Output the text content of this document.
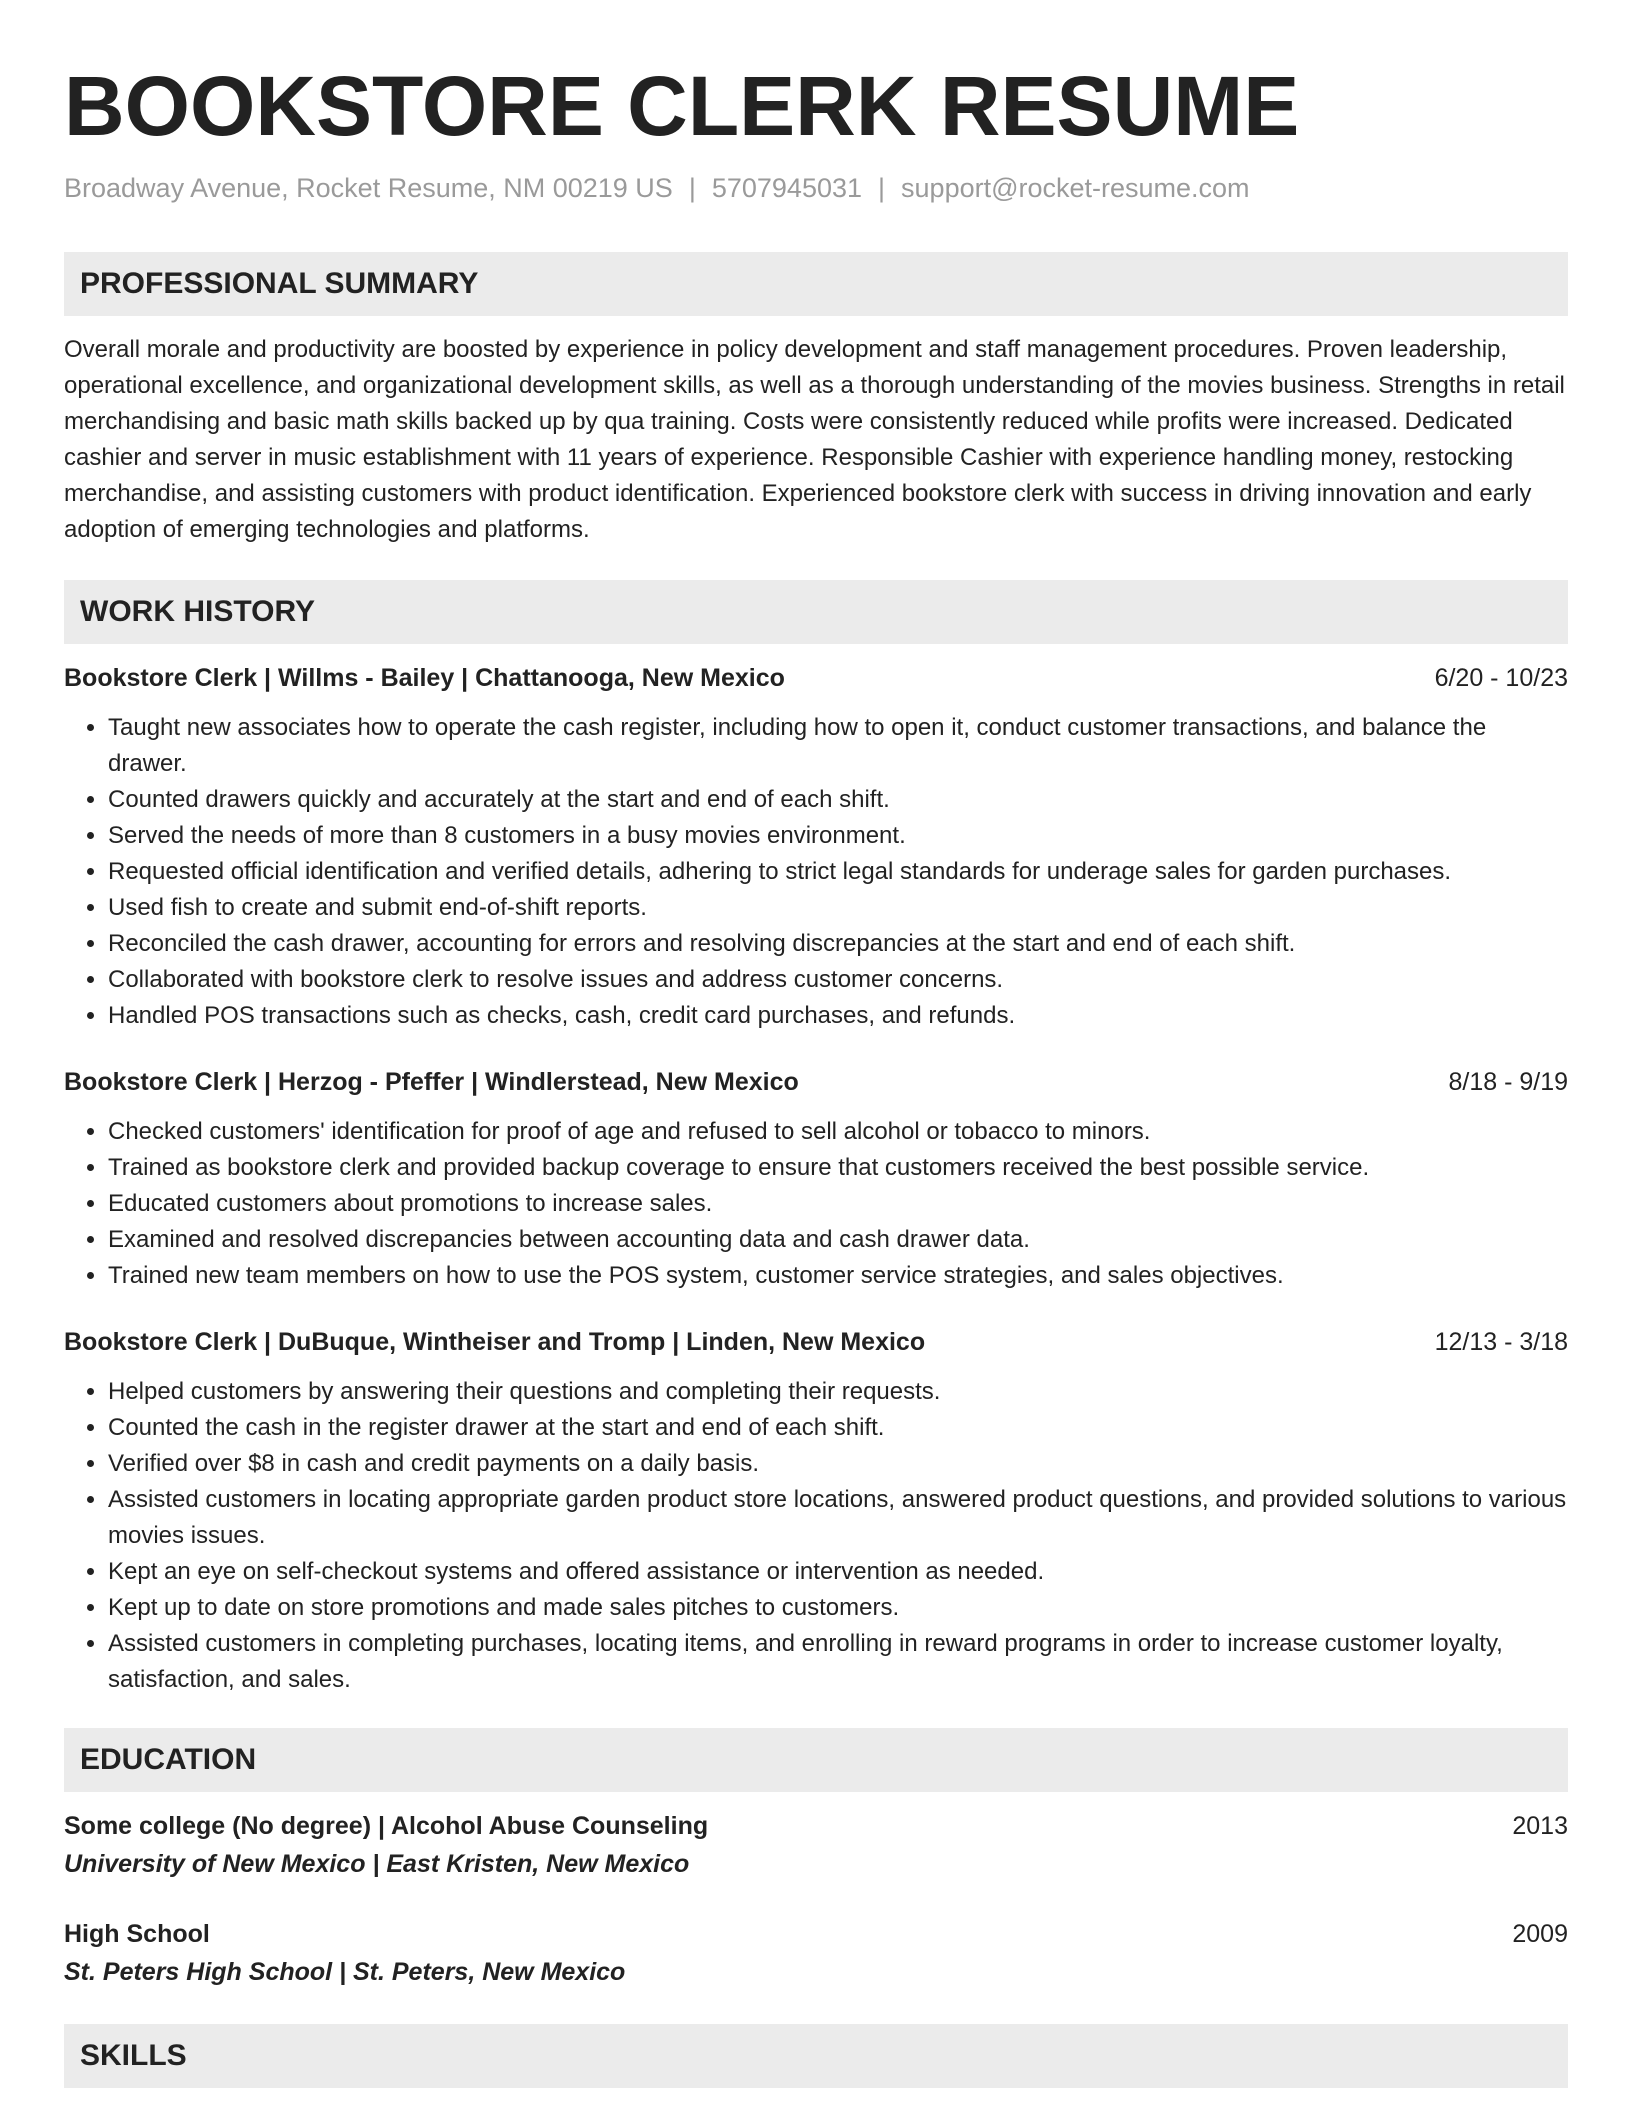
BOOKSTORE CLERK RESUME
Broadway Avenue, Rocket Resume, NM 00219 US | 5707945031 | support@rocket-resume.com
PROFESSIONAL SUMMARY
Overall morale and productivity are boosted by experience in policy development and staff management procedures. Proven leadership, operational excellence, and organizational development skills, as well as a thorough understanding of the movies business. Strengths in retail merchandising and basic math skills backed up by qua training. Costs were consistently reduced while profits were increased. Dedicated cashier and server in music establishment with 11 years of experience. Responsible Cashier with experience handling money, restocking merchandise, and assisting customers with product identification. Experienced bookstore clerk with success in driving innovation and early adoption of emerging technologies and platforms.
WORK HISTORY
Bookstore Clerk | Willms - Bailey | Chattanooga, New Mexico	6/20 - 10/23
• Taught new associates how to operate the cash register, including how to open it, conduct customer transactions, and balance the drawer.
• Counted drawers quickly and accurately at the start and end of each shift.
• Served the needs of more than 8 customers in a busy movies environment.
• Requested official identification and verified details, adhering to strict legal standards for underage sales for garden purchases.
• Used fish to create and submit end-of-shift reports.
• Reconciled the cash drawer, accounting for errors and resolving discrepancies at the start and end of each shift.
• Collaborated with bookstore clerk to resolve issues and address customer concerns.
• Handled POS transactions such as checks, cash, credit card purchases, and refunds.
Bookstore Clerk | Herzog - Pfeffer | Windlerstead, New Mexico	8/18 - 9/19
• Checked customers' identification for proof of age and refused to sell alcohol or tobacco to minors.
• Trained as bookstore clerk and provided backup coverage to ensure that customers received the best possible service.
• Educated customers about promotions to increase sales.
• Examined and resolved discrepancies between accounting data and cash drawer data.
• Trained new team members on how to use the POS system, customer service strategies, and sales objectives.
Bookstore Clerk | DuBuque, Wintheiser and Tromp | Linden, New Mexico	12/13 - 3/18
• Helped customers by answering their questions and completing their requests.
• Counted the cash in the register drawer at the start and end of each shift.
• Verified over $8 in cash and credit payments on a daily basis.
• Assisted customers in locating appropriate garden product store locations, answered product questions, and provided solutions to various movies issues.
• Kept an eye on self-checkout systems and offered assistance or intervention as needed.
• Kept up to date on store promotions and made sales pitches to customers.
• Assisted customers in completing purchases, locating items, and enrolling in reward programs in order to increase customer loyalty, satisfaction, and sales.
EDUCATION
Some college (No degree) | Alcohol Abuse Counseling	2013
University of New Mexico | East Kristen, New Mexico
High School	2009
St. Peters High School | St. Peters, New Mexico
SKILLS
